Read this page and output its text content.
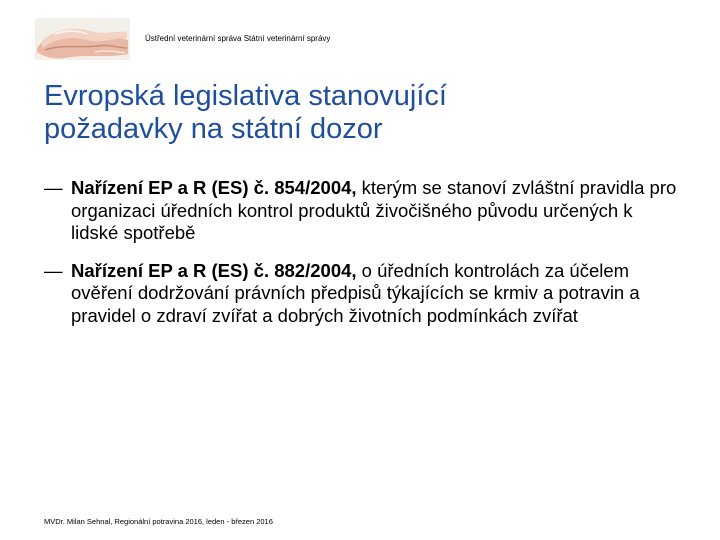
Ústřední veterinární správa Státní veterinární správy
Evropská legislativa stanovující
požadavky na státní dozor
— Nařízení EP a R (ES) č. 854/2004, kterým se stanoví zvláštní pravidla pro organizaci úředních kontrol produktů živočišného původu určených k lidské spotřebě
— Nařízení EP a R (ES) č. 882/2004, o úředních kontrolách za účelem ověření dodržování právních předpisů týkajících se krmiv a potravin a pravidel o zdraví zvířat a dobrých životních podmínkách zvířat
MVDr. Milan Sehnal, Regionální potravina 2016, leden - březen 2016
